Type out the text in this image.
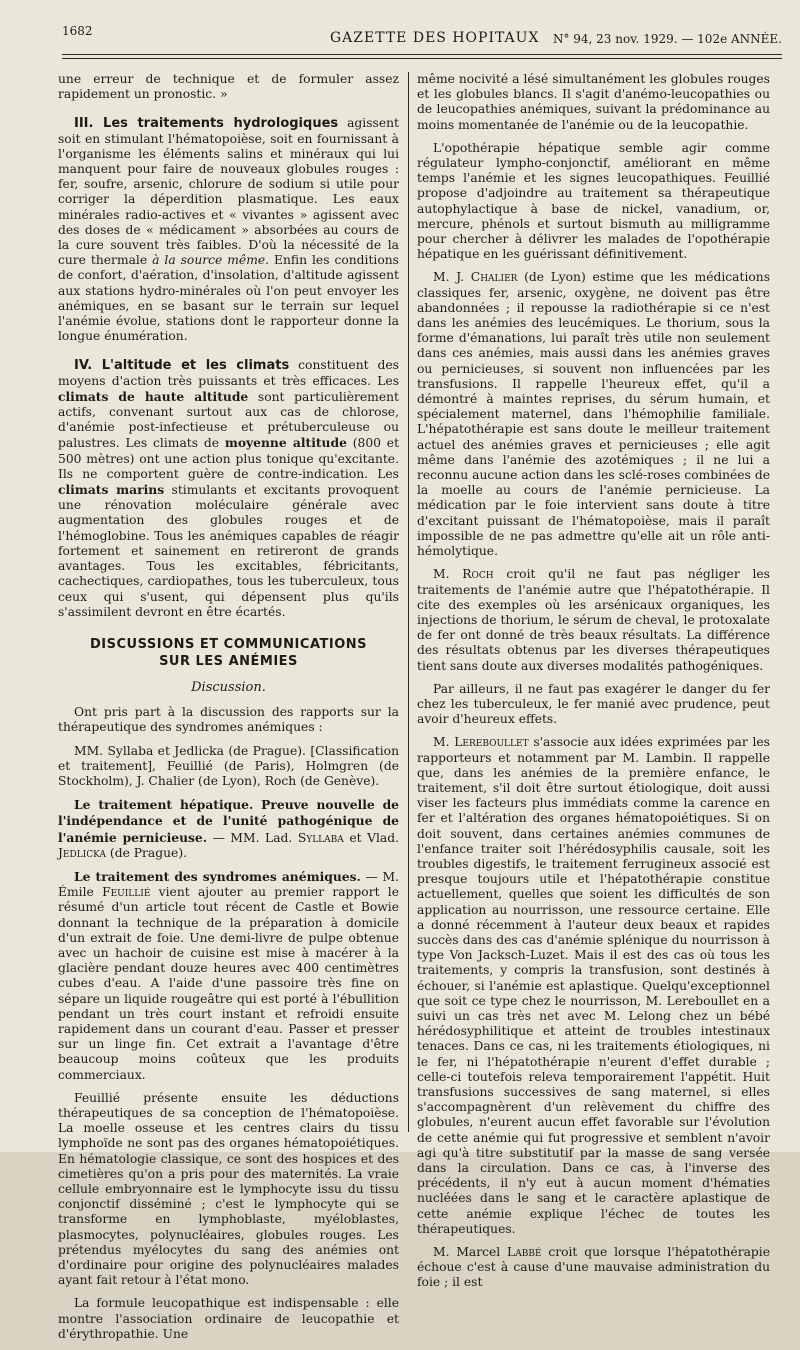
1682	GAZETTE DES HOPITAUX N° 94, 23 nov. 1929. — 102e ANNÉE.

une erreur de technique et de formuler assez rapidement un pronostic. »

III. Les traitements hydrologiques agissent soit en stimulant l'hématopoièse, soit en fournissant à l'organisme les éléments salins et minéraux qui lui manquent pour faire de nouveaux globules rouges : fer, soufre, arsenic, chlorure de sodium si utile pour corriger la déperdition plasmatique. Les eaux minérales radio-actives et « vivantes » agissent avec des doses de « médicament » absorbées au cours de la cure souvent très faibles. D'où la nécessité de la cure thermale à la source même. Enfin les conditions de confort, d'aération, d'insolation, d'altitude agissent aux stations hydro-minérales où l'on peut envoyer les anémiques, en se basant sur le terrain sur lequel l'anémie évolue, stations dont le rapporteur donne la longue énumération.

IV. L'altitude et les climats constituent des moyens d'action très puissants et très efficaces. Les climats de haute altitude sont particulièrement actifs, convenant surtout aux cas de chlorose, d'anémie post-infectieuse et prétuberculeuse ou palustres. Les climats de moyenne altitude (800 et 500 mètres) ont une action plus tonique qu'excitante. Ils ne comportent guère de contre-indication. Les climats marins stimulants et excitants provoquent une rénovation moléculaire générale avec augmentation des globules rouges et de l'hémoglobine. Tous les anémiques capables de réagir fortement et sainement en retireront de grands avantages. Tous les excitables, fébricitants, cachectiques, cardiopathes, tous les tuberculeux, tous ceux qui s'usent, qui dépensent plus qu'ils s'assimilent devront en être écartés.

DISCUSSIONS ET COMMUNICATIONS
SUR LES ANÉMIES
Discussion.

Ont pris part à la discussion des rapports sur la thérapeutique des syndromes anémiques :

MM. Syllaba et Jedlicka (de Prague). [Classification et traitement], Feuillié (de Paris), Holmgren (de Stockholm), J. Chalier (de Lyon), Roch (de Genève).

Le traitement hépatique. Preuve nouvelle de l'indépendance et de l'unité pathogénique de l'anémie pernicieuse. — MM. Lad. Syllaba et Vlad. Jedlicka (de Prague).

Le traitement des syndromes anémiques. — M. Émile Feuillié vient ajouter au premier rapport le résumé d'un article tout récent de Castle et Bowie donnant la technique de la préparation à domicile d'un extrait de foie. Une demi-livre de pulpe obtenue avec un hachoir de cuisine est mise à macérer à la glacière pendant douze heures avec 400 centimètres cubes d'eau. A l'aide d'une passoire très fine on sépare un liquide rougeâtre qui est porté à l'ébullition pendant un très court instant et refroidi ensuite rapidement dans un courant d'eau. Passer et presser sur un linge fin. Cet extrait a l'avantage d'être beaucoup moins coûteux que les produits commerciaux.

Feuillié présente ensuite les déductions thérapeutiques de sa conception de l'hématopoièse. La moelle osseuse et les centres clairs du tissu lymphoïde ne sont pas des organes hématopoiétiques. En hématologie classique, ce sont des hospices et des cimetières qu'on a pris pour des maternités. La vraie cellule embryonnaire est le lymphocyte issu du tissu conjonctif disséminé ; c'est le lymphocyte qui se transforme en lymphoblaste, myéloblastes, plasmocytes, polynucléaires, globules rouges. Les prétendus myélocytes du sang des anémies ont d'ordinaire pour origine des polynucléaires malades ayant fait retour à l'état mono.

La formule leucopathique est indispensable : elle montre l'association ordinaire de leucopathie et d'érythropathie. Une

même nocivité a lésé simultanément les globules rouges et les globules blancs. Il s'agit d'anémo-leucopathies ou de leucopathies anémiques, suivant la prédominance au moins momentanée de l'anémie ou de la leucopathie.

L'opothérapie hépatique semble agir comme régulateur lympho-conjonctif, améliorant en même temps l'anémie et les signes leucopathiques. Feuillié propose d'adjoindre au traitement sa thérapeutique autophylactique à base de nickel, vanadium, or, mercure, phénols et surtout bismuth au milligramme pour chercher à délivrer les malades de l'opothérapie hépatique en les guérissant définitivement.

M. J. Chalier (de Lyon) estime que les médications classiques fer, arsenic, oxygène, ne doivent pas être abandonnées ; il repousse la radiothérapie si ce n'est dans les anémies des leucémiques. Le thorium, sous la forme d'émanations, lui paraît très utile non seulement dans ces anémies, mais aussi dans les anémies graves ou pernicieuses, si souvent non influencées par les transfusions. Il rappelle l'heureux effet, qu'il a démontré à maintes reprises, du sérum humain, et spécialement maternel, dans l'hémophilie familiale. L'hépatothérapie est sans doute le meilleur traitement actuel des anémies graves et pernicieuses ; elle agit même dans l'anémie des azotémiques ; il ne lui a reconnu aucune action dans les sclé-roses combinées de la moelle au cours de l'anémie pernicieuse. La médication par le foie intervient sans doute à titre d'excitant puissant de l'hématopoièse, mais il paraît impossible de ne pas admettre qu'elle ait un rôle anti-hémolytique.

M. Roch croit qu'il ne faut pas négliger les traitements de l'anémie autre que l'hépatothérapie. Il cite des exemples où les arsénicaux organiques, les injections de thorium, le sérum de cheval, le protoxalate de fer ont donné de très beaux résultats. La différence des résultats obtenus par les diverses thérapeutiques tient sans doute aux diverses modalités pathogéniques.

Par ailleurs, il ne faut pas exagérer le danger du fer chez les tuberculeux, le fer manié avec prudence, peut avoir d'heureux effets.

M. Lereboullet s'associe aux idées exprimées par les rapporteurs et notamment par M. Lambin. Il rappelle que, dans les anémies de la première enfance, le traitement, s'il doit être surtout étiologique, doit aussi viser les facteurs plus immédiats comme la carence en fer et l'altération des organes hématopoiétiques. Si on doit souvent, dans certaines anémies communes de l'enfance traiter soit l'hérédosyphilis causale, soit les troubles digestifs, le traitement ferrugineux associé est presque toujours utile et l'hépatothérapie constitue actuellement, quelles que soient les difficultés de son application au nourrisson, une ressource certaine. Elle a donné récemment à l'auteur deux beaux et rapides succès dans des cas d'anémie splénique du nourrisson à type Von Jacksch-Luzet. Mais il est des cas où tous les traitements, y compris la transfusion, sont destinés à échouer, si l'anémie est aplastique. Quelqu'exceptionnel que soit ce type chez le nourrisson, M. Lereboullet en a suivi un cas très net avec M. Lelong chez un bébé hérédosyphilitique et atteint de troubles intestinaux tenaces. Dans ce cas, ni les traitements étiologiques, ni le fer, ni l'hépatothérapie n'eurent d'effet durable ; celle-ci toutefois releva temporairement l'appétit. Huit transfusions successives de sang maternel, si elles s'accompagnèrent d'un relèvement du chiffre des globules, n'eurent aucun effet favorable sur l'évolution de cette anémie qui fut progressive et semblent n'avoir agi qu'à titre substitutif par la masse de sang versée dans la circulation. Dans ce cas, à l'inverse des précédents, il n'y eut à aucun moment d'hématies nucléées dans le sang et le caractère aplastique de cette anémie explique l'échec de toutes les thérapeutiques.

M. Marcel Labbé croit que lorsque l'hépatothérapie échoue c'est à cause d'une mauvaise administration du foie ; il est
